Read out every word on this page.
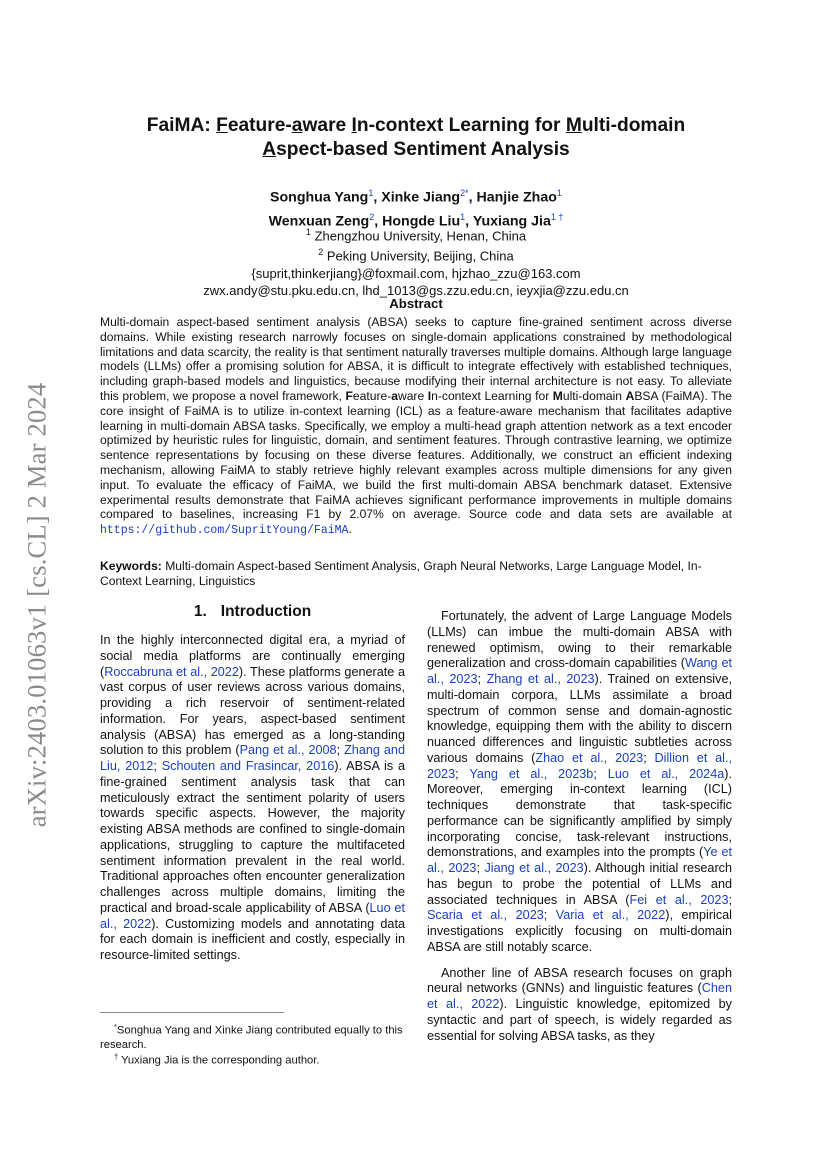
arXiv:2403.01063v1 [cs.CL] 2 Mar 2024
FaiMA: Feature-aware In-context Learning for Multi-domain
Aspect-based Sentiment Analysis
Songhua Yang$^1$, Xinke Jiang$^{2*}$, Hanjie Zhao$^1$
Wenxuan Zeng$^2$, Hongde Liu$^1$, Yuxiang Jia$^{1 \dagger}$
$^1$ Zhengzhou University, Henan, China
$^2$ Peking University, Beijing, China
{suprit,thinkerjiang}@foxmail.com, hjzhao_zzu@163.com
zwx.andy@stu.pku.edu.cn, lhd_1013@gs.zzu.edu.cn, ieyxjia@zzu.edu.cn
Abstract

Multi-domain aspect-based sentiment analysis (ABSA) seeks to capture fine-grained sentiment across diverse domains. While existing research narrowly focuses on single-domain applications constrained by methodological limitations and data scarcity, the reality is that sentiment naturally traverses multiple domains. Although large language models (LLMs) offer a promising solution for ABSA, it is difficult to integrate effectively with established techniques, including graph-based models and linguistics, because modifying their internal architecture is not easy. To alleviate this problem, we propose a novel framework, Feature-aware In-context Learning for Multi-domain ABSA (FaiMA). The core insight of FaiMA is to utilize in-context learning (ICL) as a feature-aware mechanism that facilitates adaptive learning in multi-domain ABSA tasks. Specifically, we employ a multi-head graph attention network as a text encoder optimized by heuristic rules for linguistic, domain, and sentiment features. Through contrastive learning, we optimize sentence representations by focusing on these diverse features. Additionally, we construct an efficient indexing mechanism, allowing FaiMA to stably retrieve highly relevant examples across multiple dimensions for any given input. To evaluate the efficacy of FaiMA, we build the first multi-domain ABSA benchmark dataset. Extensive experimental results demonstrate that FaiMA achieves significant performance improvements in multiple domains compared to baselines, increasing F1 by 2.07% on average. Source code and data sets are available at https://github.com/SupritYoung/FaiMA.

Keywords: Multi-domain Aspect-based Sentiment Analysis, Graph Neural Networks, Large Language Model, In-Context Learning, Linguistics
1. Introduction

In the highly interconnected digital era, a myriad of social media platforms are continually emerging (Roccabruna et al., 2022). These platforms generate a vast corpus of user reviews across various domains, providing a rich reservoir of sentiment-related information. For years, aspect-based sentiment analysis (ABSA) has emerged as a long-standing solution to this problem (Pang et al., 2008; Zhang and Liu, 2012; Schouten and Frasincar, 2016). ABSA is a fine-grained sentiment analysis task that can meticulously extract the sentiment polarity of users towards specific aspects. However, the majority existing ABSA methods are confined to single-domain applications, struggling to capture the multifaceted sentiment information prevalent in the real world. Traditional approaches often encounter generalization challenges across multiple domains, limiting the practical and broad-scale applicability of ABSA (Luo et al., 2022). Customizing models and annotating data for each domain is inefficient and costly, especially in resource-limited settings.

Fortunately, the advent of Large Language Models (LLMs) can imbue the multi-domain ABSA with renewed optimism, owing to their remarkable generalization and cross-domain capabilities (Wang et al., 2023; Zhang et al., 2023). Trained on extensive, multi-domain corpora, LLMs assimilate a broad spectrum of common sense and domain-agnostic knowledge, equipping them with the ability to discern nuanced differences and linguistic subtleties across various domains (Zhao et al., 2023; Dillion et al., 2023; Yang et al., 2023b; Luo et al., 2024a). Moreover, emerging in-context learning (ICL) techniques demonstrate that task-specific performance can be significantly amplified by simply incorporating concise, task-relevant instructions, demonstrations, and examples into the prompts (Ye et al., 2023; Jiang et al., 2023). Although initial research has begun to probe the potential of LLMs and associated techniques in ABSA (Fei et al., 2023; Scaria et al., 2023; Varia et al., 2022), empirical investigations explicitly focusing on multi-domain ABSA are still notably scarce.

Another line of ABSA research focuses on graph neural networks (GNNs) and linguistic features (Chen et al., 2022). Linguistic knowledge, epitomized by syntactic and part of speech, is widely regarded as essential for solving ABSA tasks, as they

*Songhua Yang and Xinke Jiang contributed equally to this research.
† Yuxiang Jia is the corresponding author.
